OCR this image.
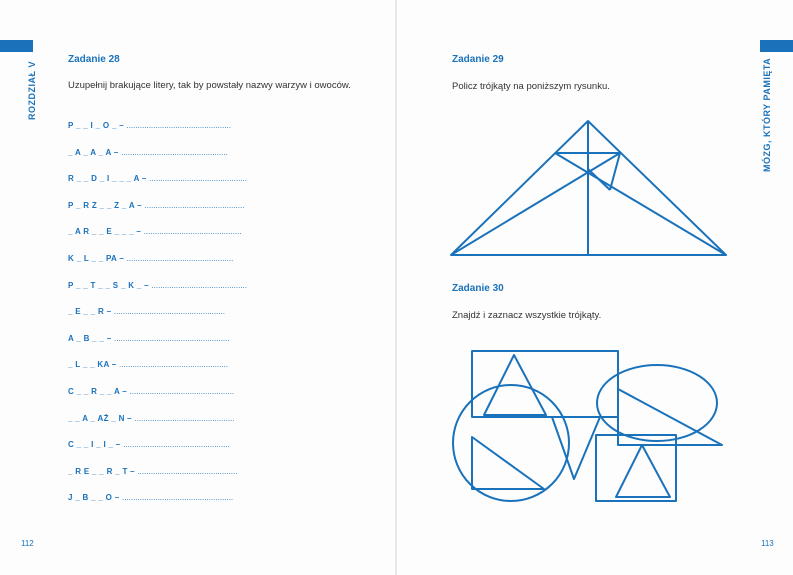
MÓZG, KTÓRY PAMIĘTA
ROZDZIAŁ V
Zadanie 28
Uzupełnij brakujące litery, tak by powstały nazwy warzyw i owoców.
P _ _ I _ O _ – ...............................................
_ A _ A _ A – ................................................
R _ _ D _ I _ _ _ A – ............................................
P _ R Z _ _ Z _ A – .............................................
_ A R _ _ E _ _ _ – ............................................
K _ L _ _ PA – ................................................
P _ _ T _ _ S _ K _ – ...........................................
_ E _ _ R – ..................................................
A _ B _ _ – ....................................................
_ L _ _ KA – .................................................
C _ _ R _ _ A – ...............................................
_ _ A _ AŻ _ N – .............................................
C _ _ I _ I _ – ................................................
_ R E _ _ R _ T – .............................................
J _ B _ _ O – ..................................................
112
Zadanie 29
Policz trójkąty na poniższym rysunku.
Zadanie 30
Znajdź i zaznacz wszystkie trójkąty.
113
